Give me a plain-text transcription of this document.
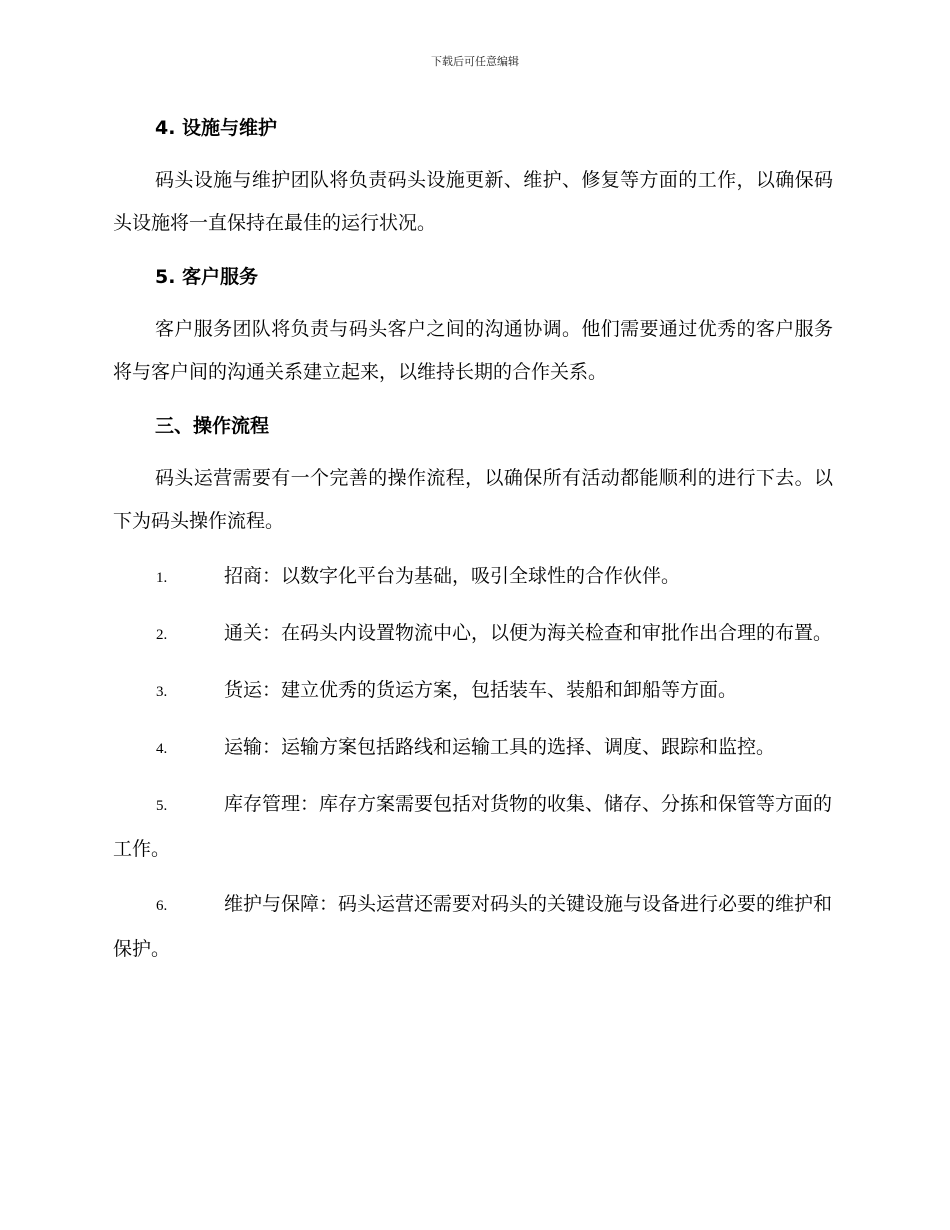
下载后可任意编辑
4. 设施与维护

码头设施与维护团队将负责码头设施更新、维护、修复等方面的工作，以确保码头设施将一直保持在最佳的运行状况。

5. 客户服务

客户服务团队将负责与码头客户之间的沟通协调。他们需要通过优秀的客户服务将与客户间的沟通关系建立起来，以维持长期的合作关系。

三、操作流程

码头运营需要有一个完善的操作流程，以确保所有活动都能顺利的进行下去。以下为码头操作流程。

1.	招商：以数字化平台为基础，吸引全球性的合作伙伴。
2.	通关：在码头内设置物流中心，以便为海关检查和审批作出合理的布置。
3.	货运：建立优秀的货运方案，包括装车、装船和卸船等方面。
4.	运输：运输方案包括路线和运输工具的选择、调度、跟踪和监控。
5.	库存管理：库存方案需要包括对货物的收集、储存、分拣和保管等方面的工作。
6.	维护与保障：码头运营还需要对码头的关键设施与设备进行必要的维护和保护。
